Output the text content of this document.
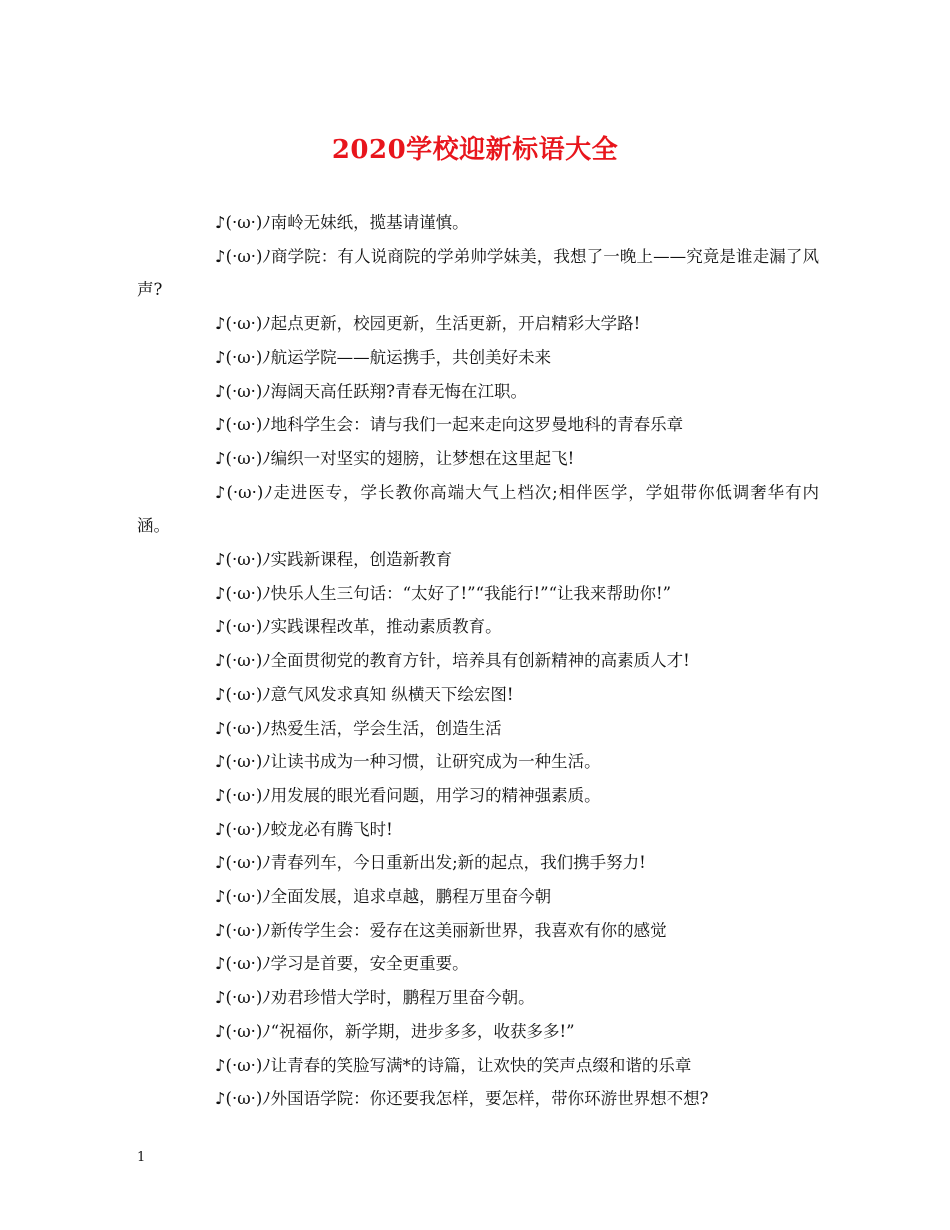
2020学校迎新标语大全

♪(·ω·)ﾉ南岭无妹纸，揽基请谨慎。

♪(·ω·)ﾉ商学院：有人说商院的学弟帅学妹美，我想了一晚上——究竟是谁走漏了风声?

♪(·ω·)ﾉ起点更新，校园更新，生活更新，开启精彩大学路!

♪(·ω·)ﾉ航运学院——航运携手，共创美好未来

♪(·ω·)ﾉ海阔天高任跃翔?青春无悔在江职。

♪(·ω·)ﾉ地科学生会：请与我们一起来走向这罗曼地科的青春乐章

♪(·ω·)ﾉ编织一对坚实的翅膀，让梦想在这里起飞!

♪(·ω·)ﾉ走进医专，学长教你高端大气上档次;相伴医学，学姐带你低调奢华有内涵。

♪(·ω·)ﾉ实践新课程，创造新教育

♪(·ω·)ﾉ快乐人生三句话：“太好了!”“我能行!”“让我来帮助你!”

♪(·ω·)ﾉ实践课程改革，推动素质教育。

♪(·ω·)ﾉ全面贯彻党的教育方针，培养具有创新精神的高素质人才!

♪(·ω·)ﾉ意气风发求真知 纵横天下绘宏图!

♪(·ω·)ﾉ热爱生活，学会生活，创造生活

♪(·ω·)ﾉ让读书成为一种习惯，让研究成为一种生活。

♪(·ω·)ﾉ用发展的眼光看问题，用学习的精神强素质。

♪(·ω·)ﾉ蛟龙必有腾飞时!

♪(·ω·)ﾉ青春列车，今日重新出发;新的起点，我们携手努力!

♪(·ω·)ﾉ全面发展，追求卓越，鹏程万里奋今朝

♪(·ω·)ﾉ新传学生会：爱存在这美丽新世界，我喜欢有你的感觉

♪(·ω·)ﾉ学习是首要，安全更重要。

♪(·ω·)ﾉ劝君珍惜大学时，鹏程万里奋今朝。

♪(·ω·)ﾉ“祝福你，新学期，进步多多，收获多多!”

♪(·ω·)ﾉ让青春的笑脸写满*的诗篇，让欢快的笑声点缀和谐的乐章

♪(·ω·)ﾉ外国语学院：你还要我怎样，要怎样，带你环游世界想不想?

1
